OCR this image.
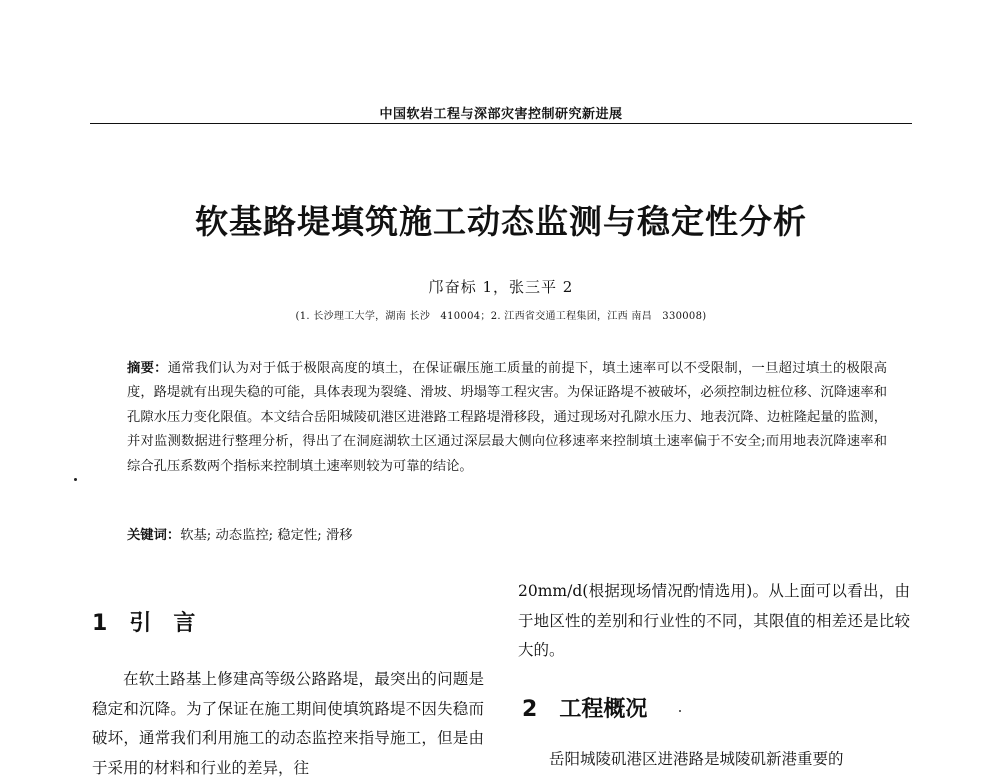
中国软岩工程与深部灾害控制研究新进展
软基路堤填筑施工动态监测与稳定性分析
邝奋标 1，张三平 2
(1. 长沙理工大学，湖南 长沙　410004；2. 江西省交通工程集团，江西 南昌　330008)
摘要：通常我们认为对于低于极限高度的填土，在保证碾压施工质量的前提下，填土速率可以不受限制，一旦超过填土的极限高度，路堤就有出现失稳的可能，具体表现为裂缝、滑坡、坍塌等工程灾害。为保证路堤不被破坏，必须控制边桩位移、沉降速率和孔隙水压力变化限值。本文结合岳阳城陵矶港区进港路工程路堤滑移段，通过现场对孔隙水压力、地表沉降、边桩隆起量的监测，并对监测数据进行整理分析，得出了在洞庭湖软土区通过深层最大侧向位移速率来控制填土速率偏于不安全;而用地表沉降速率和综合孔压系数两个指标来控制填土速率则较为可靠的结论。
关键词：软基; 动态监控; 稳定性; 滑移
1 引言

在软土路基上修建高等级公路路堤，最突出的问题是稳定和沉降。为了保证在施工期间使填筑路堤不因失稳而破坏，通常我们利用施工的动态监控来指导施工，但是由于采用的材料和行业的差异，往

20mm/d(根据现场情况酌情选用)。从上面可以看出，由于地区性的差别和行业性的不同，其限值的相差还是比较大的。

2 工程概况

岳阳城陵矶港区进港路是城陵矶新港重要的
